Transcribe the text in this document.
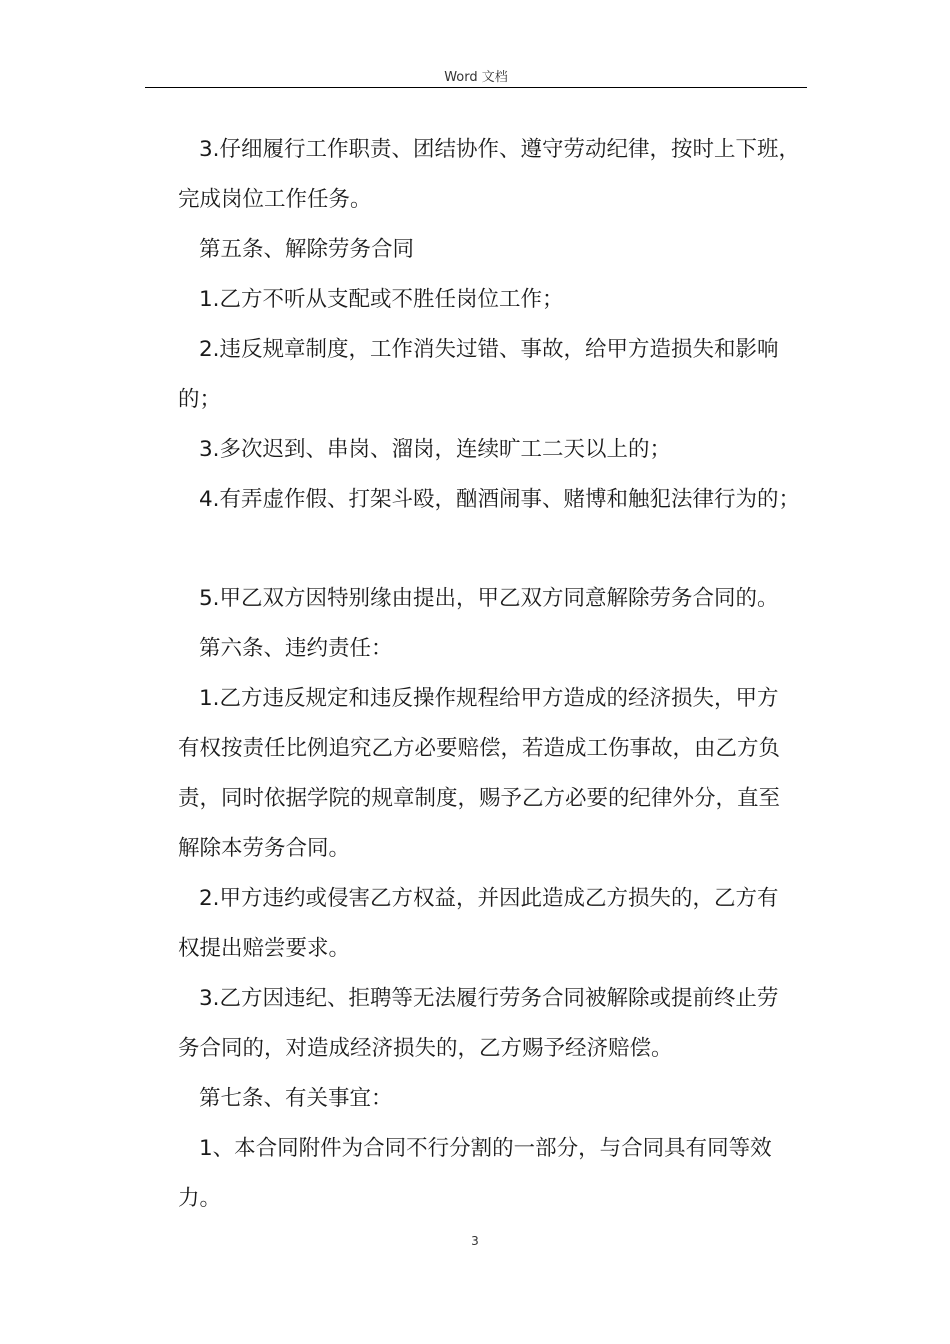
Word 文档
3.仔细履行工作职责、团结协作、遵守劳动纪律，按时上下班，
完成岗位工作任务。
第五条、解除劳务合同
1.乙方不听从支配或不胜任岗位工作；
2.违反规章制度，工作消失过错、事故，给甲方造损失和影响
的；
3.多次迟到、串岗、溜岗，连续旷工二天以上的；
4.有弄虚作假、打架斗殴，酗酒闹事、赌博和触犯法律行为的；
5.甲乙双方因特别缘由提出，甲乙双方同意解除劳务合同的。
第六条、违约责任：
1.乙方违反规定和违反操作规程给甲方造成的经济损失，甲方
有权按责任比例追究乙方必要赔偿，若造成工伤事故，由乙方负
责，同时依据学院的规章制度，赐予乙方必要的纪律外分，直至
解除本劳务合同。
2.甲方违约或侵害乙方权益，并因此造成乙方损失的，乙方有
权提出赔尝要求。
3.乙方因违纪、拒聘等无法履行劳务合同被解除或提前终止劳
务合同的，对造成经济损失的，乙方赐予经济赔偿。
第七条、有关事宜：
1、本合同附件为合同不行分割的一部分，与合同具有同等效
力。
3
